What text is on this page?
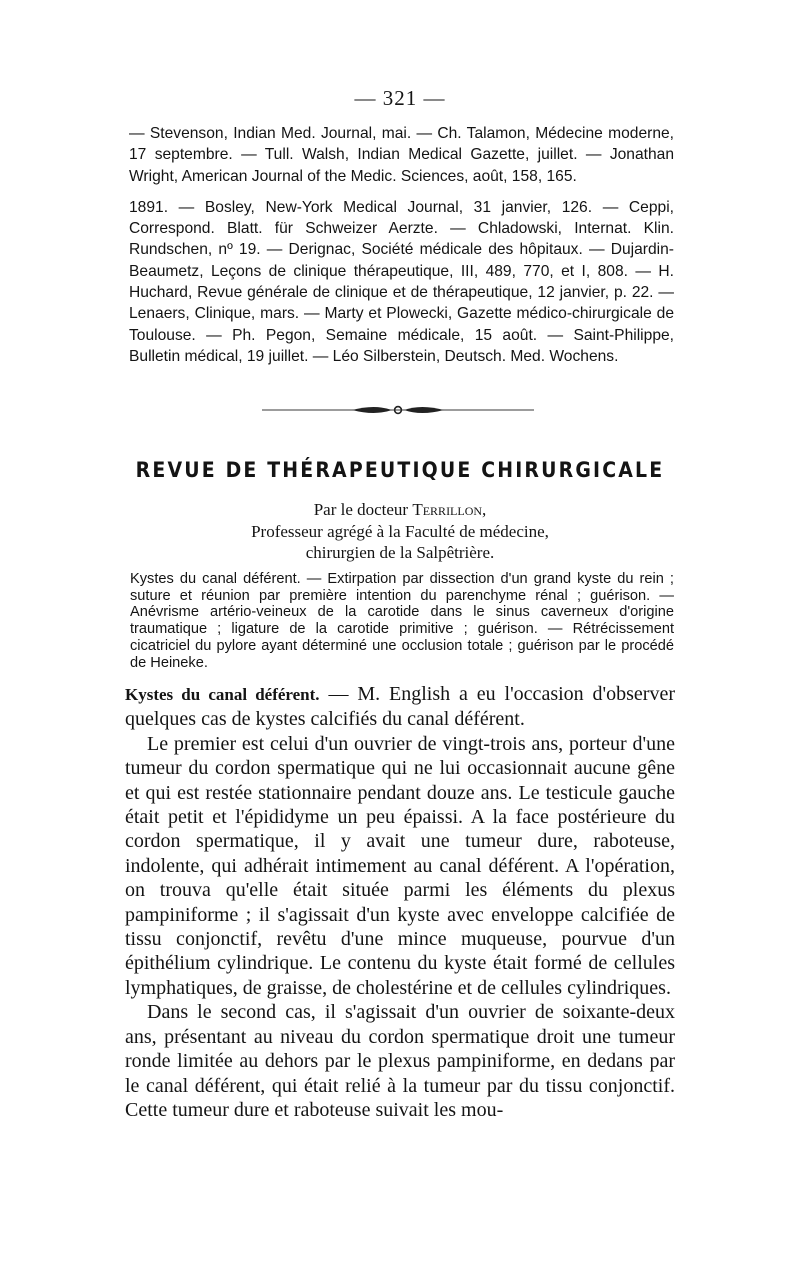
— 321 —

— Stevenson, Indian Med. Journal, mai. — Ch. Talamon, Médecine moderne, 17 septembre. — Tull. Walsh, Indian Medical Gazette, juillet. — Jonathan Wright, American Journal of the Medic. Sciences, août, 158, 165.

1891. — Bosley, New-York Medical Journal, 31 janvier, 126. — Ceppi, Correspond. Blatt. für Schweizer Aerzte. — Chladowski, Internat. Klin. Rundschen, nº 19. — Derignac, Société médicale des hôpitaux. — Dujardin-Beaumetz, Leçons de clinique thérapeutique, III, 489, 770, et I, 808. — H. Huchard, Revue générale de clinique et de thérapeutique, 12 janvier, p. 22. — Lenaers, Clinique, mars. — Marty et Plowecki, Gazette médico-chirurgicale de Toulouse. — Ph. Pegon, Semaine médicale, 15 août. — Saint-Philippe, Bulletin médical, 19 juillet. — Léo Silberstein, Deutsch. Med. Wochens.

REVUE DE THÉRAPEUTIQUE CHIRURGICALE
Par le docteur Terrillon,
Professeur agrégé à la Faculté de médecine,
chirurgien de la Salpêtrière.

Kystes du canal déférent. — Extirpation par dissection d'un grand kyste du rein ; suture et réunion par première intention du parenchyme rénal ; guérison. — Anévrisme artério-veineux de la carotide dans le sinus caverneux d'origine traumatique ; ligature de la carotide primitive ; guérison. — Rétrécissement cicatriciel du pylore ayant déterminé une occlusion totale ; guérison par le procédé de Heineke.

Kystes du canal déférent. — M. English a eu l'occasion d'observer quelques cas de kystes calcifiés du canal déférent.

Le premier est celui d'un ouvrier de vingt-trois ans, porteur d'une tumeur du cordon spermatique qui ne lui occasionnait aucune gêne et qui est restée stationnaire pendant douze ans. Le testicule gauche était petit et l'épididyme un peu épaissi. A la face postérieure du cordon spermatique, il y avait une tumeur dure, raboteuse, indolente, qui adhérait intimement au canal déférent. A l'opération, on trouva qu'elle était située parmi les éléments du plexus pampiniforme ; il s'agissait d'un kyste avec enveloppe calcifiée de tissu conjonctif, revêtu d'une mince muqueuse, pourvue d'un épithélium cylindrique. Le contenu du kyste était formé de cellules lymphatiques, de graisse, de cholestérine et de cellules cylindriques.

Dans le second cas, il s'agissait d'un ouvrier de soixante-deux ans, présentant au niveau du cordon spermatique droit une tumeur ronde limitée au dehors par le plexus pampiniforme, en dedans par le canal déférent, qui était relié à la tumeur par du tissu conjonctif. Cette tumeur dure et raboteuse suivait les mou-
